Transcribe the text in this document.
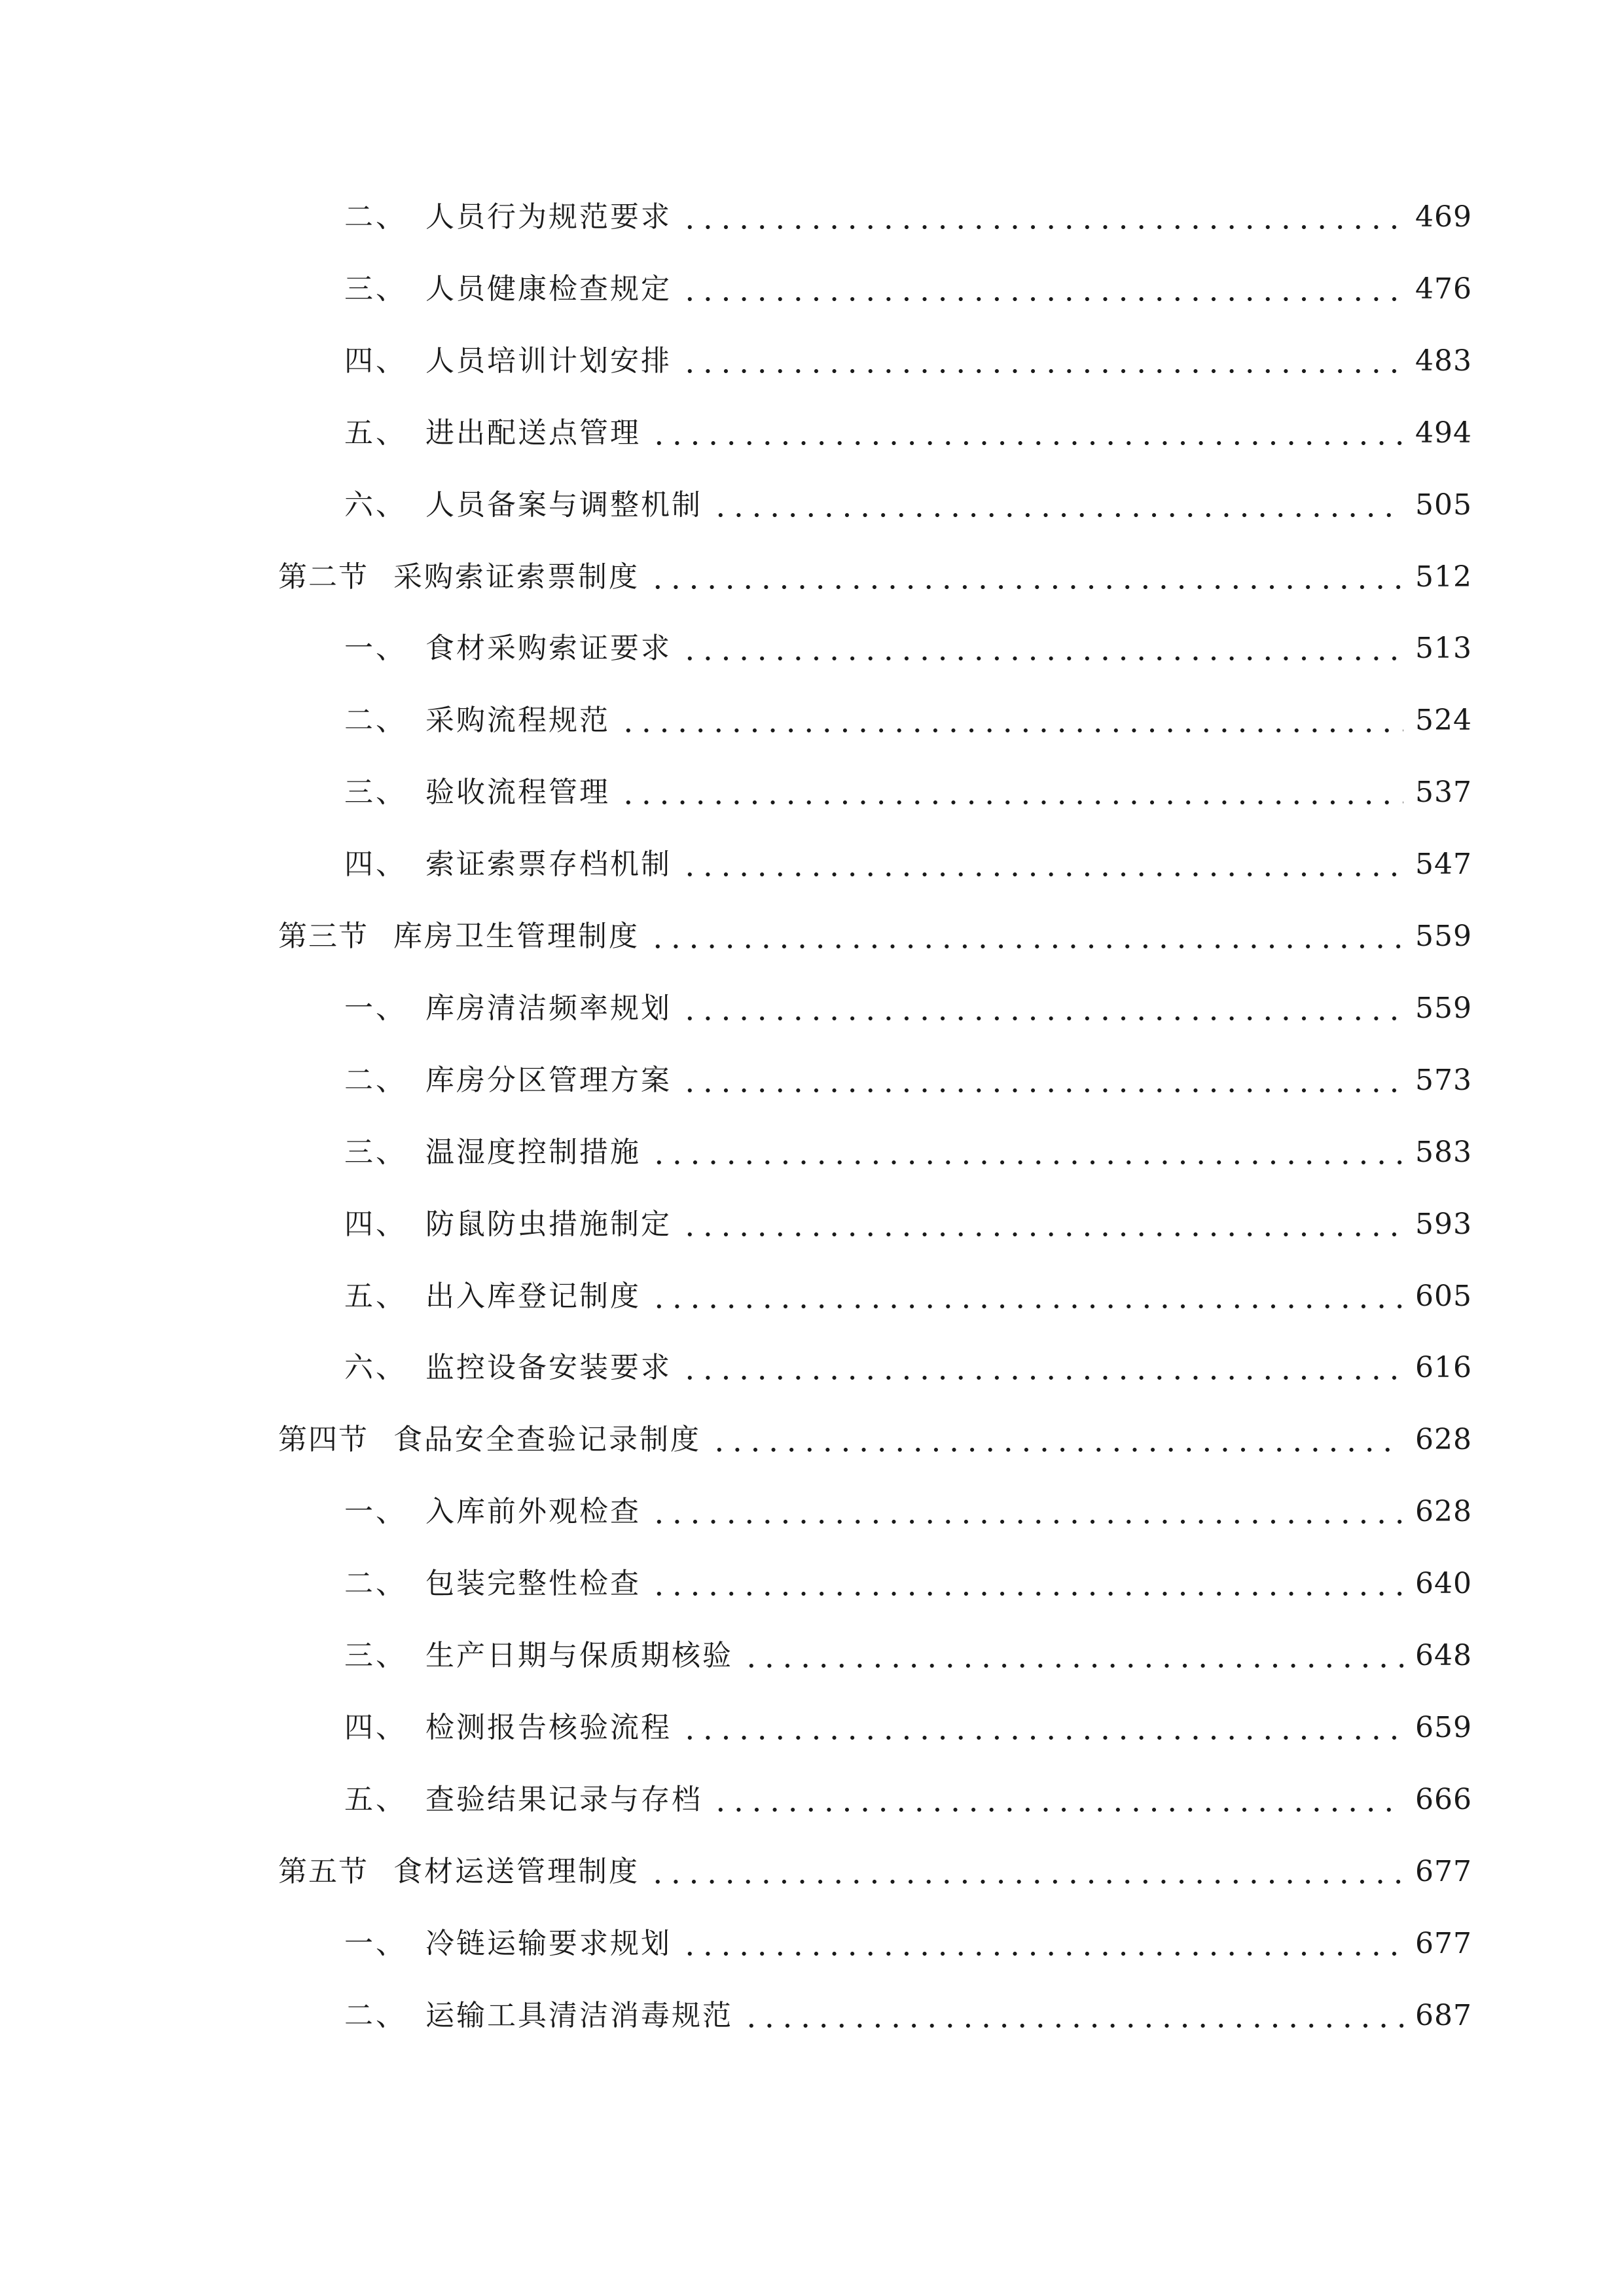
二、 人员行为规范要求	469
三、 人员健康检查规定	476
四、 人员培训计划安排	483
五、 进出配送点管理	494
六、 人员备案与调整机制	505
第二节 采购索证索票制度	512
一、 食材采购索证要求	513
二、 采购流程规范	524
三、 验收流程管理	537
四、 索证索票存档机制	547
第三节 库房卫生管理制度	559
一、 库房清洁频率规划	559
二、 库房分区管理方案	573
三、 温湿度控制措施	583
四、 防鼠防虫措施制定	593
五、 出入库登记制度	605
六、 监控设备安装要求	616
第四节 食品安全查验记录制度	628
一、 入库前外观检查	628
二、 包装完整性检查	640
三、 生产日期与保质期核验	648
四、 检测报告核验流程	659
五、 查验结果记录与存档	666
第五节 食材运送管理制度	677
一、 冷链运输要求规划	677
二、 运输工具清洁消毒规范	687
